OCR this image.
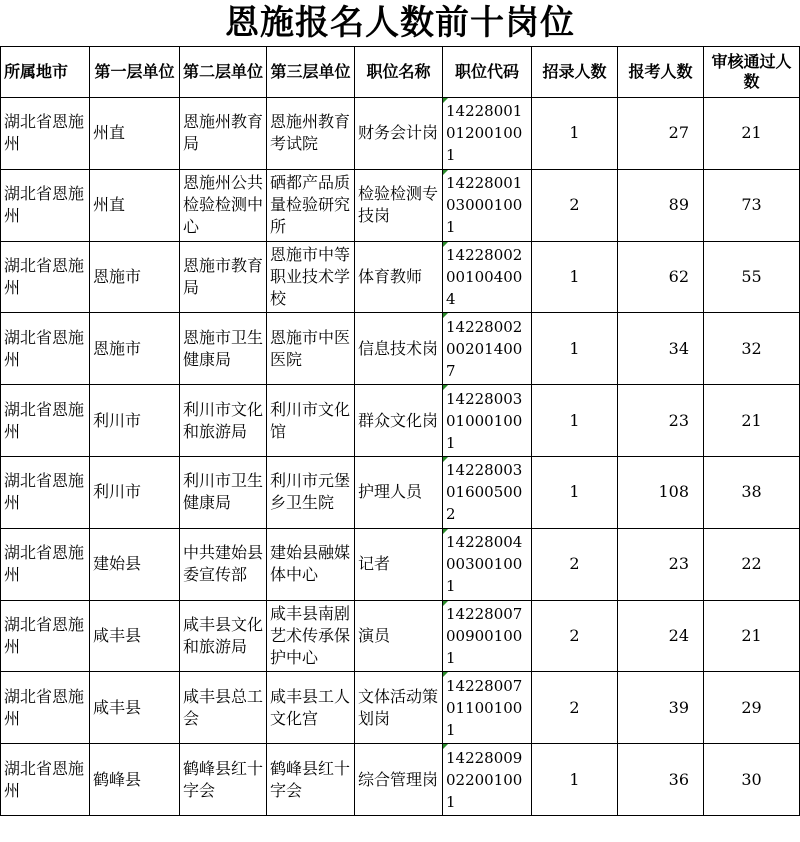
恩施报名人数前十岗位
所属地市	第一层单位	第二层单位	第三层单位	职位名称	职位代码	招录人数	报考人数	审核通过人数
湖北省恩施州	州直	恩施州教育局	恩施州教育考试院	财务会计岗	14228001012001001	1	27	21
湖北省恩施州	州直	恩施州公共检验检测中心	硒都产品质量检验研究所	检验检测专技岗	14228001030001001	2	89	73
湖北省恩施州	恩施市	恩施市教育局	恩施市中等职业技术学校	体育教师	14228002001004004	1	62	55
湖北省恩施州	恩施市	恩施市卫生健康局	恩施市中医医院	信息技术岗	14228002002014007	1	34	32
湖北省恩施州	利川市	利川市文化和旅游局	利川市文化馆	群众文化岗	14228003010001001	1	23	21
湖北省恩施州	利川市	利川市卫生健康局	利川市元堡乡卫生院	护理人员	14228003016005002	1	108	38
湖北省恩施州	建始县	中共建始县委宣传部	建始县融媒体中心	记者	14228004003001001	2	23	22
湖北省恩施州	咸丰县	咸丰县文化和旅游局	咸丰县南剧艺术传承保护中心	演员	14228007009001001	2	24	21
湖北省恩施州	咸丰县	咸丰县总工会	咸丰县工人文化宫	文体活动策划岗	14228007011001001	2	39	29
湖北省恩施州	鹤峰县	鹤峰县红十字会	鹤峰县红十字会	综合管理岗	14228009022001001	1	36	30
